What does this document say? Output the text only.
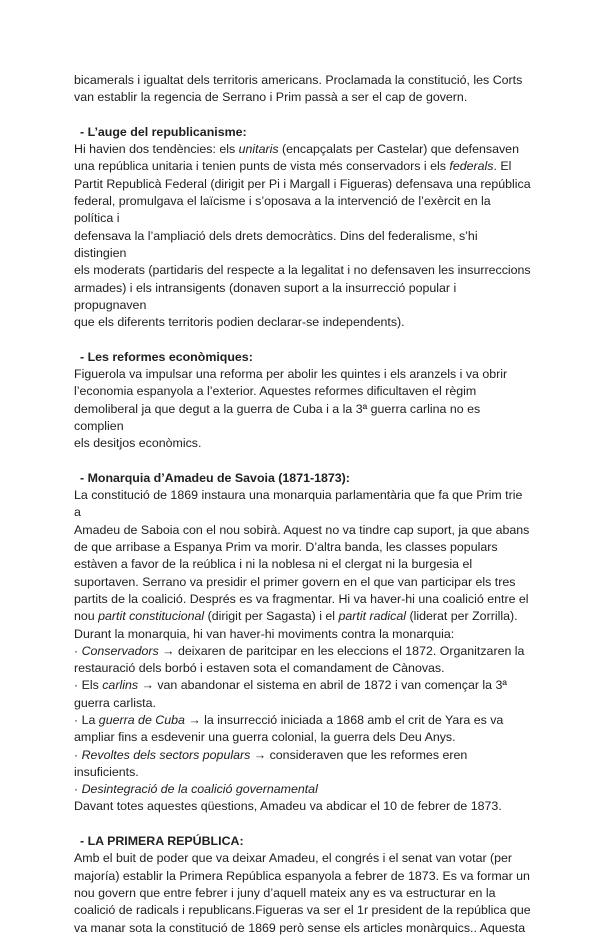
bicamerals i igualtat dels territoris americans. Proclamada la constitució, les Corts

van establir la regencia de Serrano i Prim passà a ser el cap de govern.

- L’auge del republicanisme:

Hi havien dos tendències: els unitaris (encapçalats per Castelar) que defensaven

una república unitaria i tenien punts de vista més conservadors i els federals. El

Partit Republicà Federal (dirigit per Pi i Margall i Figueras) defensava una república

federal, promulgava el laïcisme i s’oposava a la intervenció de l’exèrcit en la política i

defensava la l’ampliació dels drets democràtics. Dins del federalisme, s’hi distingien

els moderats (partidaris del respecte a la legalitat i no defensaven les insurreccions

armades) i els intransigents (donaven suport a la insurrecció popular i propugnaven

que els diferents territoris podien declarar-se independents).

- Les reformes econòmiques:

Figuerola va impulsar una reforma per abolir les quintes i els aranzels i va obrir

l’economia espanyola a l’exterior. Aquestes reformes dificultaven el règim

demoliberal ja que degut a la guerra de Cuba i a la 3ª guerra carlina no es complien

els desitjos econòmics.

- Monarquia d’Amadeu de Savoia (1871-1873):

La constitució de 1869 instaura una monarquia parlamentària que fa que Prim trie a

Amadeu de Saboia con el nou sobirà. Aquest no va tindre cap suport, ja que abans

de que arribase a Espanya Prim va morir. D’altra banda, les classes populars

estàven a favor de la reública i ni la noblesa ni el clergat ni la burgesia el

suportaven. Serrano va presidir el primer govern en el que van participar els tres

partits de la coalició. Després es va fragmentar. Hi va haver-hi una coalició entre el

nou partit constitucional (dirigit per Sagasta) i el partit radical (liderat per Zorrilla).

Durant la monarquia, hi van haver-hi moviments contra la monarquia:

· Conservadors → deixaren de paritcipar en les eleccions el 1872. Organitzaren la

restauració dels borbó i estaven sota el comandament de Cànovas.

· Els carlins → van abandonar el sistema en abril de 1872 i van començar la 3ª

guerra carlista.

· La guerra de Cuba → la insurrecció iniciada a 1868 amb el crit de Yara es va

ampliar fins a esdevenir una guerra colonial, la guerra dels Deu Anys.

· Revoltes dels sectors populars → consideraven que les reformes eren insuficients.

· Desintegració de la coalició governamental

Davant totes aquestes qüestions, Amadeu va abdicar el 10 de febrer de 1873.

- LA PRIMERA REPÚBLICA:

Amb el buit de poder que va deixar Amadeu, el congrés i el senat van votar (per

majoría) establir la Primera República espanyola a febrer de 1873. Es va formar un

nou govern que entre febrer i juny d’aquell mateix any es va estructurar en la

coalició de radicals i republicans.Figueras va ser el 1r president de la república que

va manar sota la constitució de 1869 però sense els articles monàrquics.. Aquesta
